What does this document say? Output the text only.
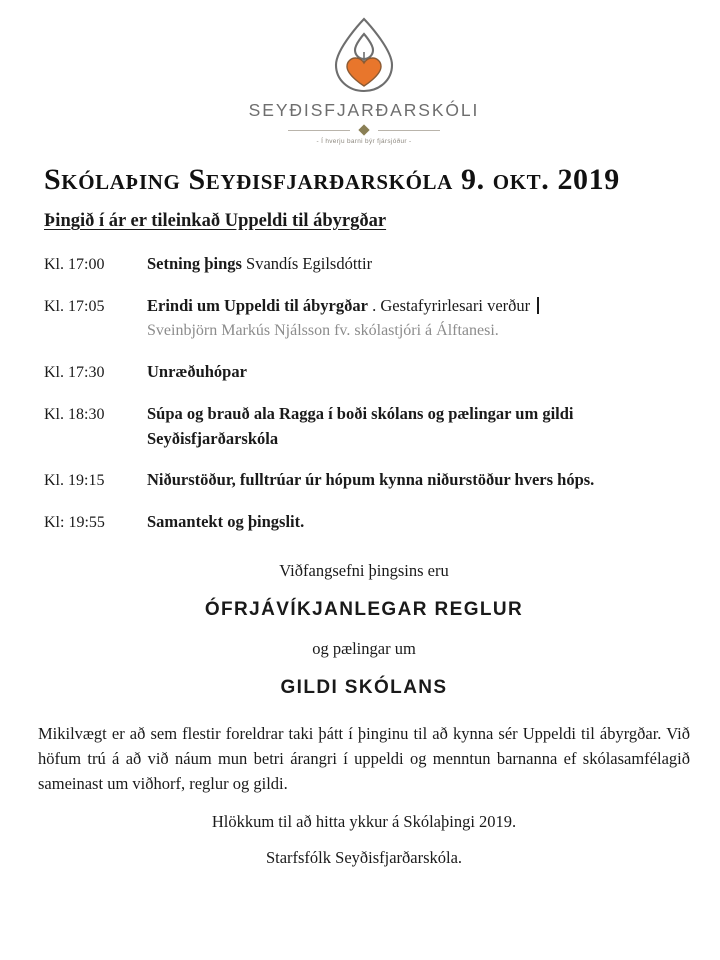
SEYÐISFJARÐARSKÓLI
- Í hverju barni býr fjársjóður -
Skólaþing Seyðisfjarðarskóla 9. okt. 2019
Þingið í ár er tileinkað Uppeldi til ábyrgðar
Kl. 17:00	Setning þings Svandís Egilsdóttir
Kl. 17:05	Erindi um Uppeldi til ábyrgðar . Gestafyrirlesari verður
Sveinbjörn Markús Njálsson fv. skólastjóri á Álftanesi.
Kl. 17:30	Unræðuhópar
Kl. 18:30	Súpa og brauð ala Ragga í boði skólans og pælingar um gildi Seyðisfjarðarskóla
Kl. 19:15	Niðurstöður, fulltrúar úr hópum kynna niðurstöður hvers hóps.
Kl: 19:55	Samantekt og þingslit.
Viðfangsefni þingsins eru
ÓFRJÁVÍKJANLEGAR REGLUR
og pælingar um
GILDI SKÓLANS
Mikilvægt er að sem flestir foreldrar taki þátt í þinginu til að kynna sér Uppeldi til ábyrgðar. Við höfum trú á að við náum mun betri árangri í uppeldi og menntun barnanna ef skólasamfélagið sameinast um viðhorf, reglur og gildi.
Hlökkum til að hitta ykkur á Skólaþingi 2019.
Starfsfólk Seyðisfjarðarskóla.
